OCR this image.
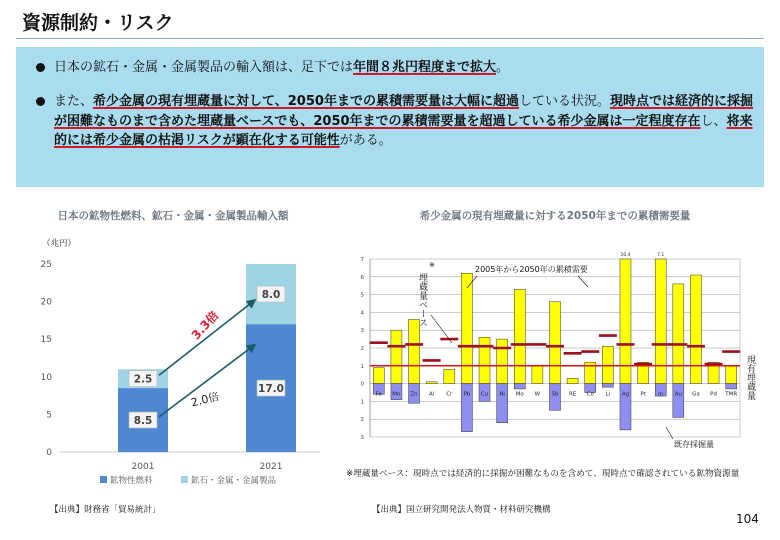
資源制約・リスク
日本の鉱石・金属・金属製品の輸入額は、足下では年間８兆円程度まで拡大。
また、希少金属の現有埋蔵量に対して、2050年までの累積需要量は大幅に超過している状況。現時点では経済的に採掘が困難なものまで含めた埋蔵量ベースでも、2050年までの累積需要量を超過している希少金属は一定程度存在し、将来的には希少金属の枯渇リスクが顕在化する可能性がある。
日本の鉱物性燃料、鉱石・金属・金属製品輸入額	希少金属の現有埋蔵量に対する2050年までの累積需要量
（兆円）
0
5
10
15
20
25
8.5
2.5
2001
17.0
8.0
2021
3.3倍
2.0倍
鉱物性燃料	鉱石・金属・金属製品
7
6
5
4
3
2
1
0
1
2
3
Fe Mn Zn Al Cr Pb Cu Ni Mo W Sb RE Co Li Ag Pt In Au Ga Pd TMR
10.4	7.1
2005年から2050年の累積需要
※
埋蔵量ベース
現有埋蔵量
既存採掘量
※埋蔵量ベース：現時点では経済的に採掘が困難なものを含めて、現時点で確認されている鉱物資源量
【出典】財務省「貿易統計」	【出典】国立研究開発法人物質・材料研究機構
104
